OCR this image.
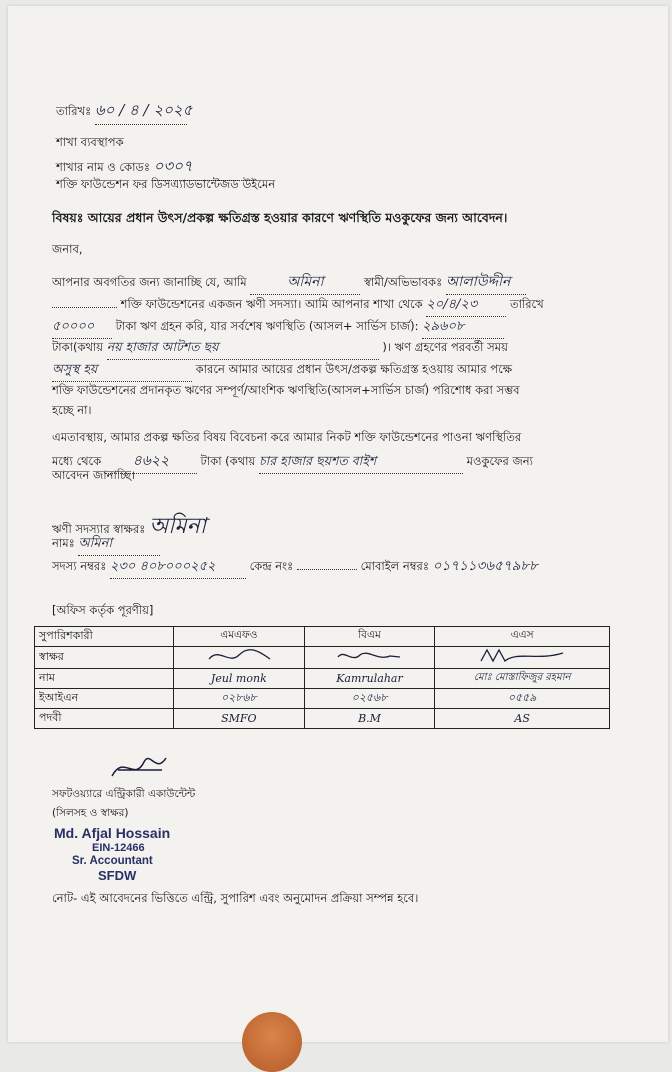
তারিখঃ ৬০ / ৪ / ২০২৫
শাখা ব্যবস্থাপক
শাখার নাম ও কোডঃ ০৩০৭
শক্তি ফাউন্ডেশন ফর ডিসএ্যাডভান্টেজড উইমেন
বিষয়ঃ আয়ের প্রধান উৎস/প্রকল্প ক্ষতিগ্রস্ত হওয়ার কারণে ঋণস্থিতি মওকুফের জন্য আবেদন।
জনাব,
আপনার অবগতির জন্য জানাচ্ছি যে, আমি	অমিনা	স্বামী/অভিভাবকঃ আলাউদ্দীন
শক্তি ফাউন্ডেশনের একজন ঋণী সদস্যা। আমি আপনার শাখা থেকে ২০/৪/২৩	তারিখে
৫০০০০ টাকা ঋণ গ্রহন করি, যার সর্বশেষ ঋণস্থিতি (আসল+ সার্ভিস চার্জ): ২৯৬০৮
টাকা(কথায় নয় হাজার আটশত ছয়	)। ঋণ গ্রহণের পরবর্তী সময়
অসুস্থ হয়	কারনে আমার আয়ের প্রধান উৎস/প্রকল্প ক্ষতিগ্রস্ত হওয়ায় আমার পক্ষে
শক্তি ফাউন্ডেশনের প্রদানকৃত ঋণের সম্পূর্ণ/আংশিক ঋণস্থিতি(আসল+সার্ভিস চার্জ) পরিশোধ করা সম্ভব
হচ্ছে না।
এমতাবস্থায়, আমার প্রকল্প ক্ষতির বিষয় বিবেচনা করে আমার নিকট শক্তি ফাউন্ডেশনের পাওনা ঋণস্থিতির
মধ্যে থেকে ৪৬২২	টাকা (কথায় চার হাজার ছয়শত বাইশ	মওকুফের জন্য
আবেদন জানাচ্ছি।
ঋণী সদস্যার স্বাক্ষরঃ অমিনা
নামঃ অমিনা
সদস্য নম্বরঃ ২৩০ ৪০৮০০০২৫২	কেন্দ্র নংঃ	মোবাইল নম্বরঃ ০১৭১১৩৬৫৭৯৮৮
[অফিস কর্তৃক পূরণীয়]
সুপারিশকারী	এমএফও	বিএম	এএস
স্বাক্ষর			
নাম	Jeul monk	Kamrulahar	মোঃ মোস্তাফিজুর রহমান
ইআইএন	০২৮৬৮	০২৫৬৮	০৫৫৯
পদবী	SMFO	B.M	AS
সফটওয়্যারে এন্ট্রিকারী একাউন্টেন্ট
(সিলসহ ও স্বাক্ষর)
Md. Afjal Hossain
EIN-12466
Sr. Accountant
SFDW
নোট- এই আবেদনের ভিত্তিতে এন্ট্রি, সুপারিশ এবং অনুমোদন প্রক্রিয়া সম্পন্ন হবে।
